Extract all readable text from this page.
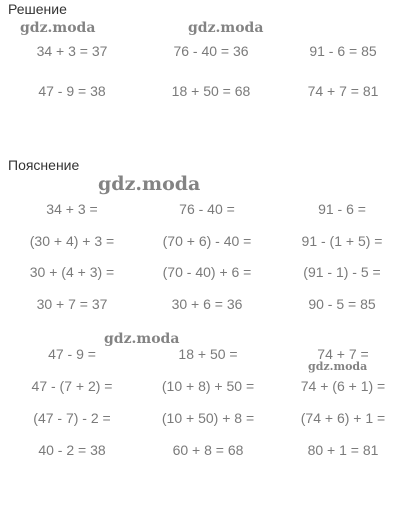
Решение
Пояснение
34 + 3 = 37	76 - 40 = 36	91 - 6 = 85
47 - 9 = 38	18 + 50 = 68	74 + 7 = 81
34 + 3 =	76 - 40 =	91 - 6 =
(30 + 4) + 3 =	(70 + 6) - 40 =	91 - (1 + 5) =
30 + (4 + 3) =	(70 - 40) + 6 =	(91 - 1) - 5 =
30 + 7 = 37	30 + 6 = 36	90 - 5 = 85
47 - 9 =	18 + 50 =	74 + 7 =
47 - (7 + 2) =	(10 + 8) + 50 =	74 + (6 + 1) =
(47 - 7) - 2 =	(10 + 50) + 8 =	(74 + 6) + 1 =
40 - 2 = 38	60 + 8 = 68	80 + 1 = 81
gdz.moda	gdz.moda
gdz.moda
gdz.moda
gdz.moda
